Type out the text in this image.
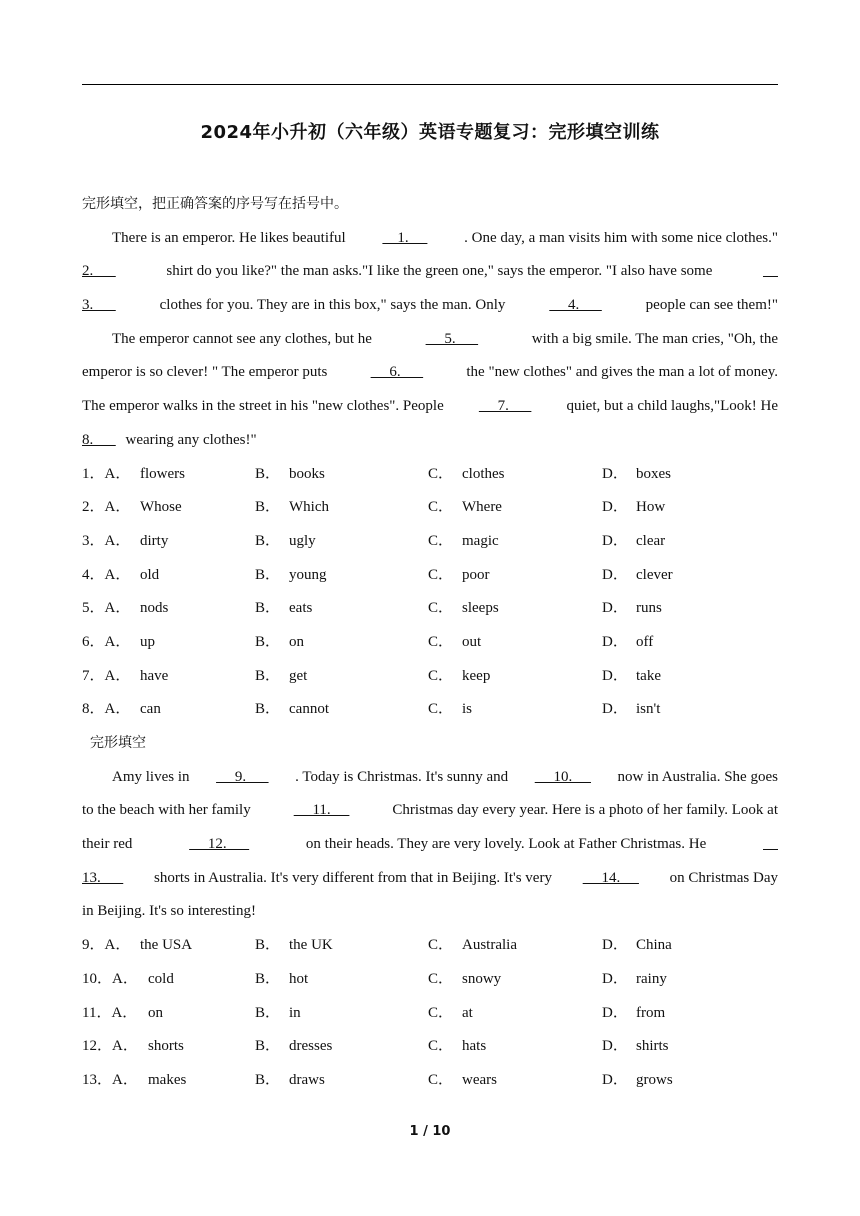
2024年小升初（六年级）英语专题复习：完形填空训练
完形填空，把正确答案的序号写在括号中。
There is an emperor. He likes beautiful 1. . One day, a man visits him with some nice clothes."
2.	shirt do you like?" the man asks."I like the green one," says the emperor. "I also have some

3.	clothes for you. They are in this box," says the man. Only	4.	people can see them!"
The emperor cannot see any clothes, but he	5.	with a big smile. The man cries, "Oh, the
emperor is so clever! " The emperor puts	6.	the "new clothes" and gives the man a lot of money.
The emperor walks in the street in his "new clothes". People 7. quiet, but a child laughs,"Look! He
8.       wearing any clothes!"
1．A． flowers	B． books	C． clothes	D． boxes
2．A． Whose	B． Which	C． Where	D． How
3．A． dirty	B． ugly	C． magic	D． clear
4．A． old	B． young	C． poor	D． clever
5．A． nods	B． eats	C． sleeps	D． runs
6．A． up	B． on	C． out	D． off
7．A． have	B． get	C． keep	D． take
8．A． can	B． cannot	C． is	D． isn't
完形填空
Amy lives in 9. . Today is Christmas. It's sunny and 10. now in Australia. She goes
to the beach with her family	11.	Christmas day every year. Here is a photo of her family. Look at
their red	12.	on their heads. They are very lovely. Look at Father Christmas. He

13. shorts in Australia. It's very different from that in Beijing. It's very 14. on Christmas Day
in Beijing. It's so interesting!
9．A． the USA	B． the UK	C． Australia	D． China
10．A． cold	B． hot	C． snowy	D． rainy
11．A． on	B． in	C． at	D． from
12．A． shorts	B． dresses	C． hats	D． shirts
13．A． makes	B． draws	C． wears	D． grows
1 / 10
